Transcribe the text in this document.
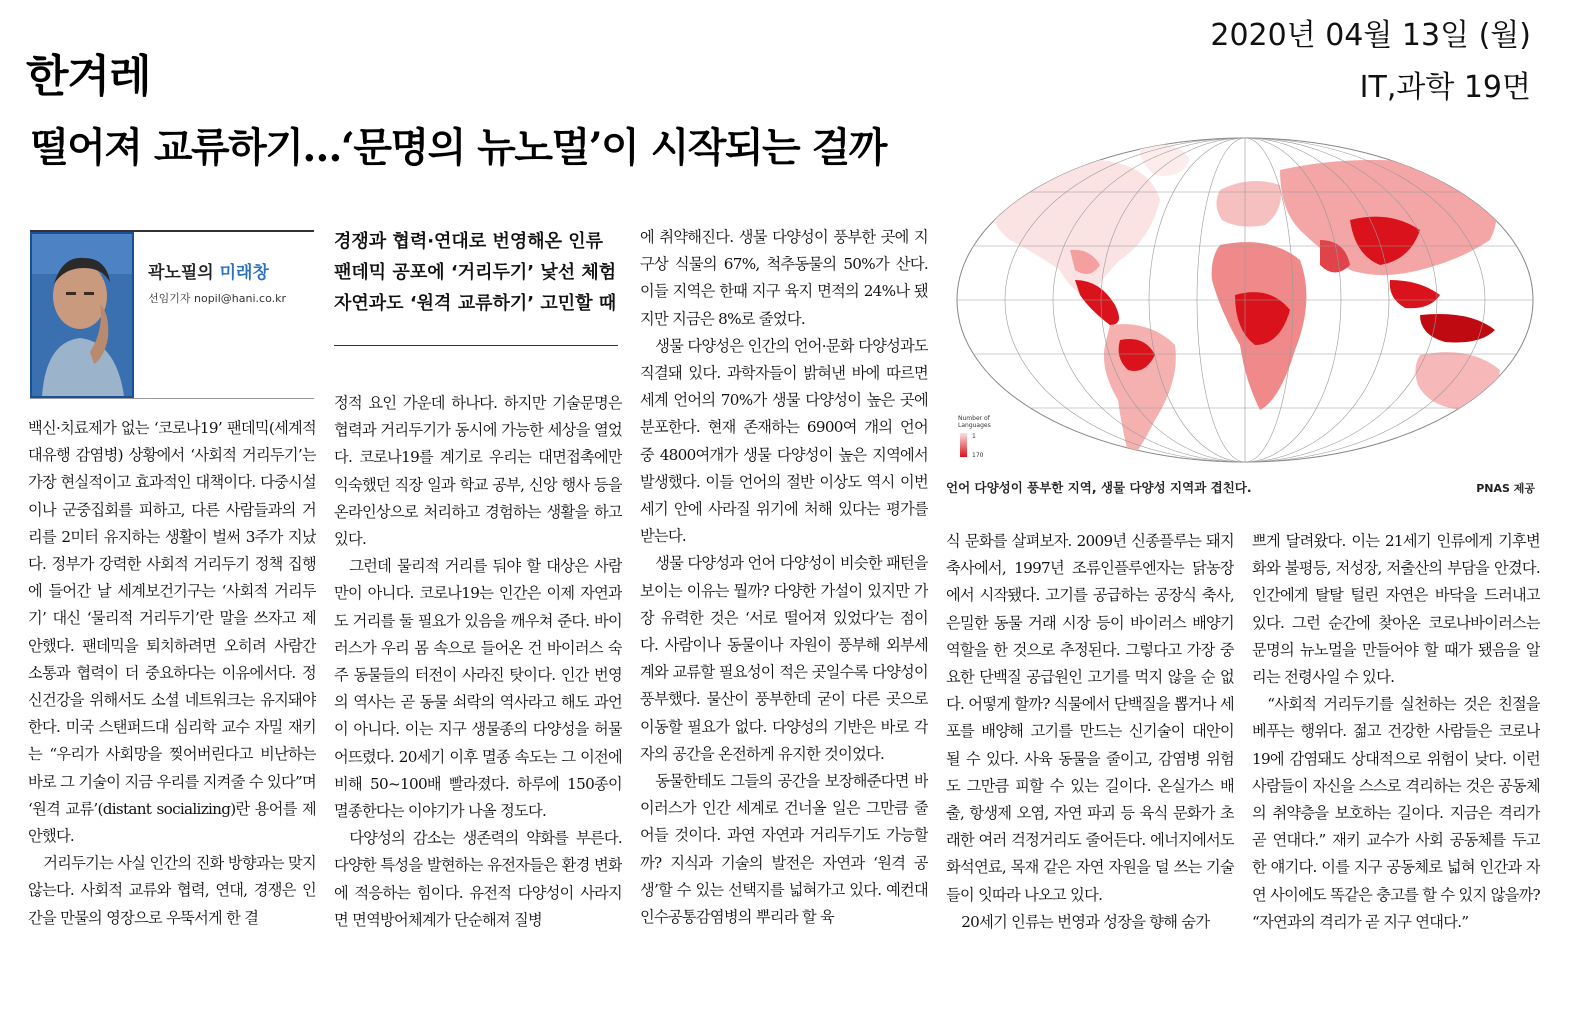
한겨레
2020년 04월 13일 (월)
IT,과학 19면
떨어져 교류하기…‘문명의 뉴노멀’이 시작되는 걸까
곽노필의 미래창
선임기자 nopil@hani.co.kr
경쟁과 협력·연대로 번영해온 인류
팬데믹 공포에 ‘거리두기’ 낯선 체험
자연과도 ‘원격 교류하기’ 고민할 때

백신·치료제가 없는 ‘코로나19’ 팬데믹(세계적 대유행 감염병) 상황에서 ‘사회적 거리두기’는 가장 현실적이고 효과적인 대책이다. 다중시설이나 군중집회를 피하고, 다른 사람들과의 거리를 2미터 유지하는 생활이 벌써 3주가 지났다. 정부가 강력한 사회적 거리두기 정책 집행에 들어간 날 세계보건기구는 ‘사회적 거리두기’ 대신 ‘물리적 거리두기’란 말을 쓰자고 제안했다. 팬데믹을 퇴치하려면 오히려 사람간 소통과 협력이 더 중요하다는 이유에서다. 정신건강을 위해서도 소셜 네트워크는 유지돼야 한다. 미국 스탠퍼드대 심리학 교수 자밀 재키는 “우리가 사회망을 찢어버린다고 비난하는 바로 그 기술이 지금 우리를 지켜줄 수 있다”며 ‘원격 교류’(distant socializing)란 용어를 제안했다.

거리두기는 사실 인간의 진화 방향과는 맞지 않는다. 사회적 교류와 협력, 연대, 경쟁은 인간을 만물의 영장으로 우뚝서게 한 결

정적 요인 가운데 하나다. 하지만 기술문명은 협력과 거리두기가 동시에 가능한 세상을 열었다. 코로나19를 계기로 우리는 대면접촉에만 익숙했던 직장 일과 학교 공부, 신앙 행사 등을 온라인상으로 처리하고 경험하는 생활을 하고 있다.

그런데 물리적 거리를 둬야 할 대상은 사람만이 아니다. 코로나19는 인간은 이제 자연과도 거리를 둘 필요가 있음을 깨우쳐 준다. 바이러스가 우리 몸 속으로 들어온 건 바이러스 숙주 동물들의 터전이 사라진 탓이다. 인간 번영의 역사는 곧 동물 쇠락의 역사라고 해도 과언이 아니다. 이는 지구 생물종의 다양성을 허물어뜨렸다. 20세기 이후 멸종 속도는 그 이전에 비해 50~100배 빨라졌다. 하루에 150종이 멸종한다는 이야기가 나올 정도다.

다양성의 감소는 생존력의 약화를 부른다. 다양한 특성을 발현하는 유전자들은 환경 변화에 적응하는 힘이다. 유전적 다양성이 사라지면 면역방어체계가 단순해져 질병

에 취약해진다. 생물 다양성이 풍부한 곳에 지구상 식물의 67%, 척추동물의 50%가 산다. 이들 지역은 한때 지구 육지 면적의 24%나 됐지만 지금은 8%로 줄었다.

생물 다양성은 인간의 언어·문화 다양성과도 직결돼 있다. 과학자들이 밝혀낸 바에 따르면 세계 언어의 70%가 생물 다양성이 높은 곳에 분포한다. 현재 존재하는 6900여 개의 언어 중 4800여개가 생물 다양성이 높은 지역에서 발생했다. 이들 언어의 절반 이상도 역시 이번 세기 안에 사라질 위기에 처해 있다는 평가를 받는다.

생물 다양성과 언어 다양성이 비슷한 패턴을 보이는 이유는 뭘까? 다양한 가설이 있지만 가장 유력한 것은 ‘서로 떨어져 있었다’는 점이다. 사람이나 동물이나 자원이 풍부해 외부세계와 교류할 필요성이 적은 곳일수록 다양성이 풍부했다. 물산이 풍부한데 굳이 다른 곳으로 이동할 필요가 없다. 다양성의 기반은 바로 각자의 공간을 온전하게 유지한 것이었다.

동물한테도 그들의 공간을 보장해준다면 바이러스가 인간 세계로 건너올 일은 그만큼 줄어들 것이다. 과연 자연과 거리두기도 가능할까? 지식과 기술의 발전은 자연과 ‘원격 공생’할 수 있는 선택지를 넓혀가고 있다. 예컨대 인수공통감염병의 뿌리라 할 육

Number of Languages
1
170
언어 다양성이 풍부한 지역, 생물 다양성 지역과 겹친다.	PNAS 제공

식 문화를 살펴보자. 2009년 신종플루는 돼지축사에서, 1997년 조류인플루엔자는 닭농장에서 시작됐다. 고기를 공급하는 공장식 축사, 은밀한 동물 거래 시장 등이 바이러스 배양기 역할을 한 것으로 추정된다. 그렇다고 가장 중요한 단백질 공급원인 고기를 먹지 않을 순 없다. 어떻게 할까? 식물에서 단백질을 뽑거나 세포를 배양해 고기를 만드는 신기술이 대안이 될 수 있다. 사육 동물을 줄이고, 감염병 위험도 그만큼 피할 수 있는 길이다. 온실가스 배출, 항생제 오염, 자연 파괴 등 육식 문화가 초래한 여러 걱정거리도 줄어든다. 에너지에서도 화석연료, 목재 같은 자연 자원을 덜 쓰는 기술들이 잇따라 나오고 있다.

20세기 인류는 번영과 성장을 향해 숨가

쁘게 달려왔다. 이는 21세기 인류에게 기후변화와 불평등, 저성장, 저출산의 부담을 안겼다. 인간에게 탈탈 털린 자연은 바닥을 드러내고 있다. 그런 순간에 찾아온 코로나바이러스는 문명의 뉴노멀을 만들어야 할 때가 됐음을 알리는 전령사일 수 있다.

“사회적 거리두기를 실천하는 것은 친절을 베푸는 행위다. 젊고 건강한 사람들은 코로나19에 감염돼도 상대적으로 위험이 낮다. 이런 사람들이 자신을 스스로 격리하는 것은 공동체의 취약층을 보호하는 길이다. 지금은 격리가 곧 연대다.” 재키 교수가 사회 공동체를 두고 한 얘기다. 이를 지구 공동체로 넓혀 인간과 자연 사이에도 똑같은 충고를 할 수 있지 않을까? “자연과의 격리가 곧 지구 연대다.”
